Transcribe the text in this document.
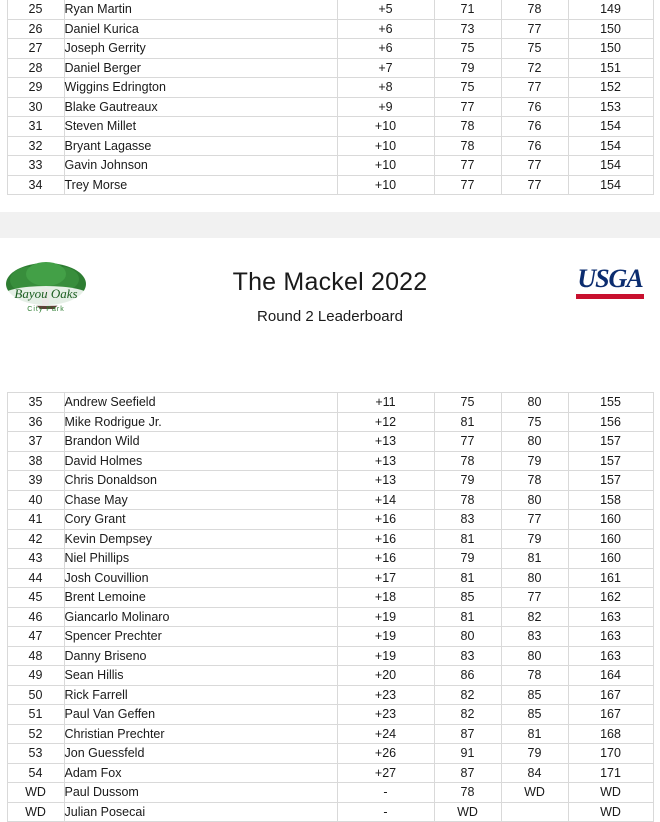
25	Ryan Martin	+5	71	78	149
26	Daniel Kurica	+6	73	77	150
27	Joseph Gerrity	+6	75	75	150
28	Daniel Berger	+7	79	72	151
29	Wiggins Edrington	+8	75	77	152
30	Blake Gautreaux	+9	77	76	153
31	Steven Millet	+10	78	76	154
32	Bryant Lagasse	+10	78	76	154
33	Gavin Johnson	+10	77	77	154
34	Trey Morse	+10	77	77	154
Bayou Oaks
City Park
The Mackel 2022
Round 2 Leaderboard
USGA
35	Andrew Seefield	+11	75	80	155
36	Mike Rodrigue Jr.	+12	81	75	156
37	Brandon Wild	+13	77	80	157
38	David Holmes	+13	78	79	157
39	Chris Donaldson	+13	79	78	157
40	Chase May	+14	78	80	158
41	Cory Grant	+16	83	77	160
42	Kevin Dempsey	+16	81	79	160
43	Niel Phillips	+16	79	81	160
44	Josh Couvillion	+17	81	80	161
45	Brent Lemoine	+18	85	77	162
46	Giancarlo Molinaro	+19	81	82	163
47	Spencer Prechter	+19	80	83	163
48	Danny Briseno	+19	83	80	163
49	Sean Hillis	+20	86	78	164
50	Rick Farrell	+23	82	85	167
51	Paul Van Geffen	+23	82	85	167
52	Christian Prechter	+24	87	81	168
53	Jon Guessfeld	+26	91	79	170
54	Adam Fox	+27	87	84	171
WD	Paul Dussom	-	78	WD	WD
WD	Julian Posecai	-	WD		WD
